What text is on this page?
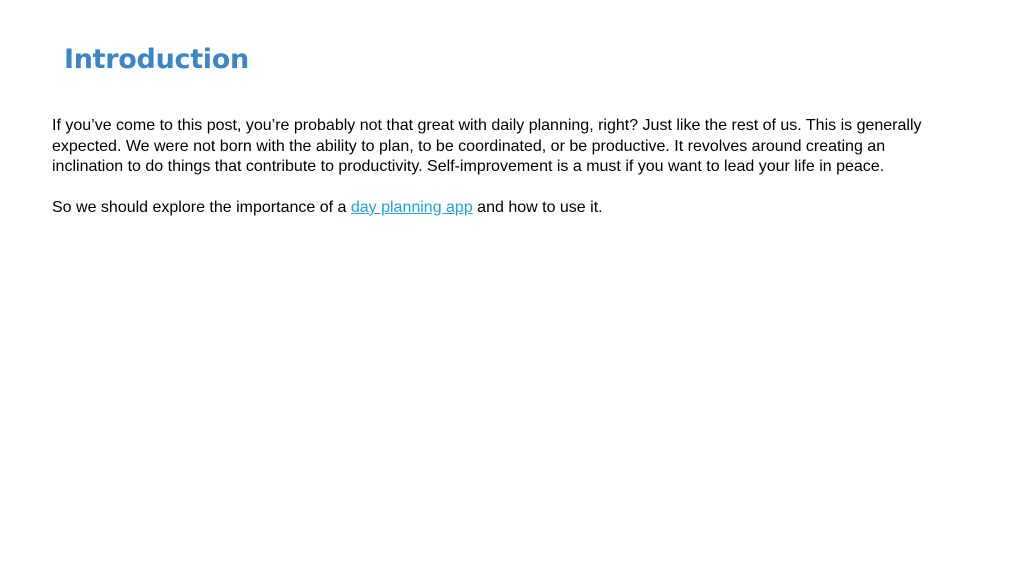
Introduction

If you’ve come to this post, you’re probably not that great with daily planning, right? Just like the rest of us. This is generally expected. We were not born with the ability to plan, to be coordinated, or be productive. It revolves around creating an inclination to do things that contribute to productivity. Self-improvement is a must if you want to lead your life in peace.

So we should explore the importance of a day planning app and how to use it.
